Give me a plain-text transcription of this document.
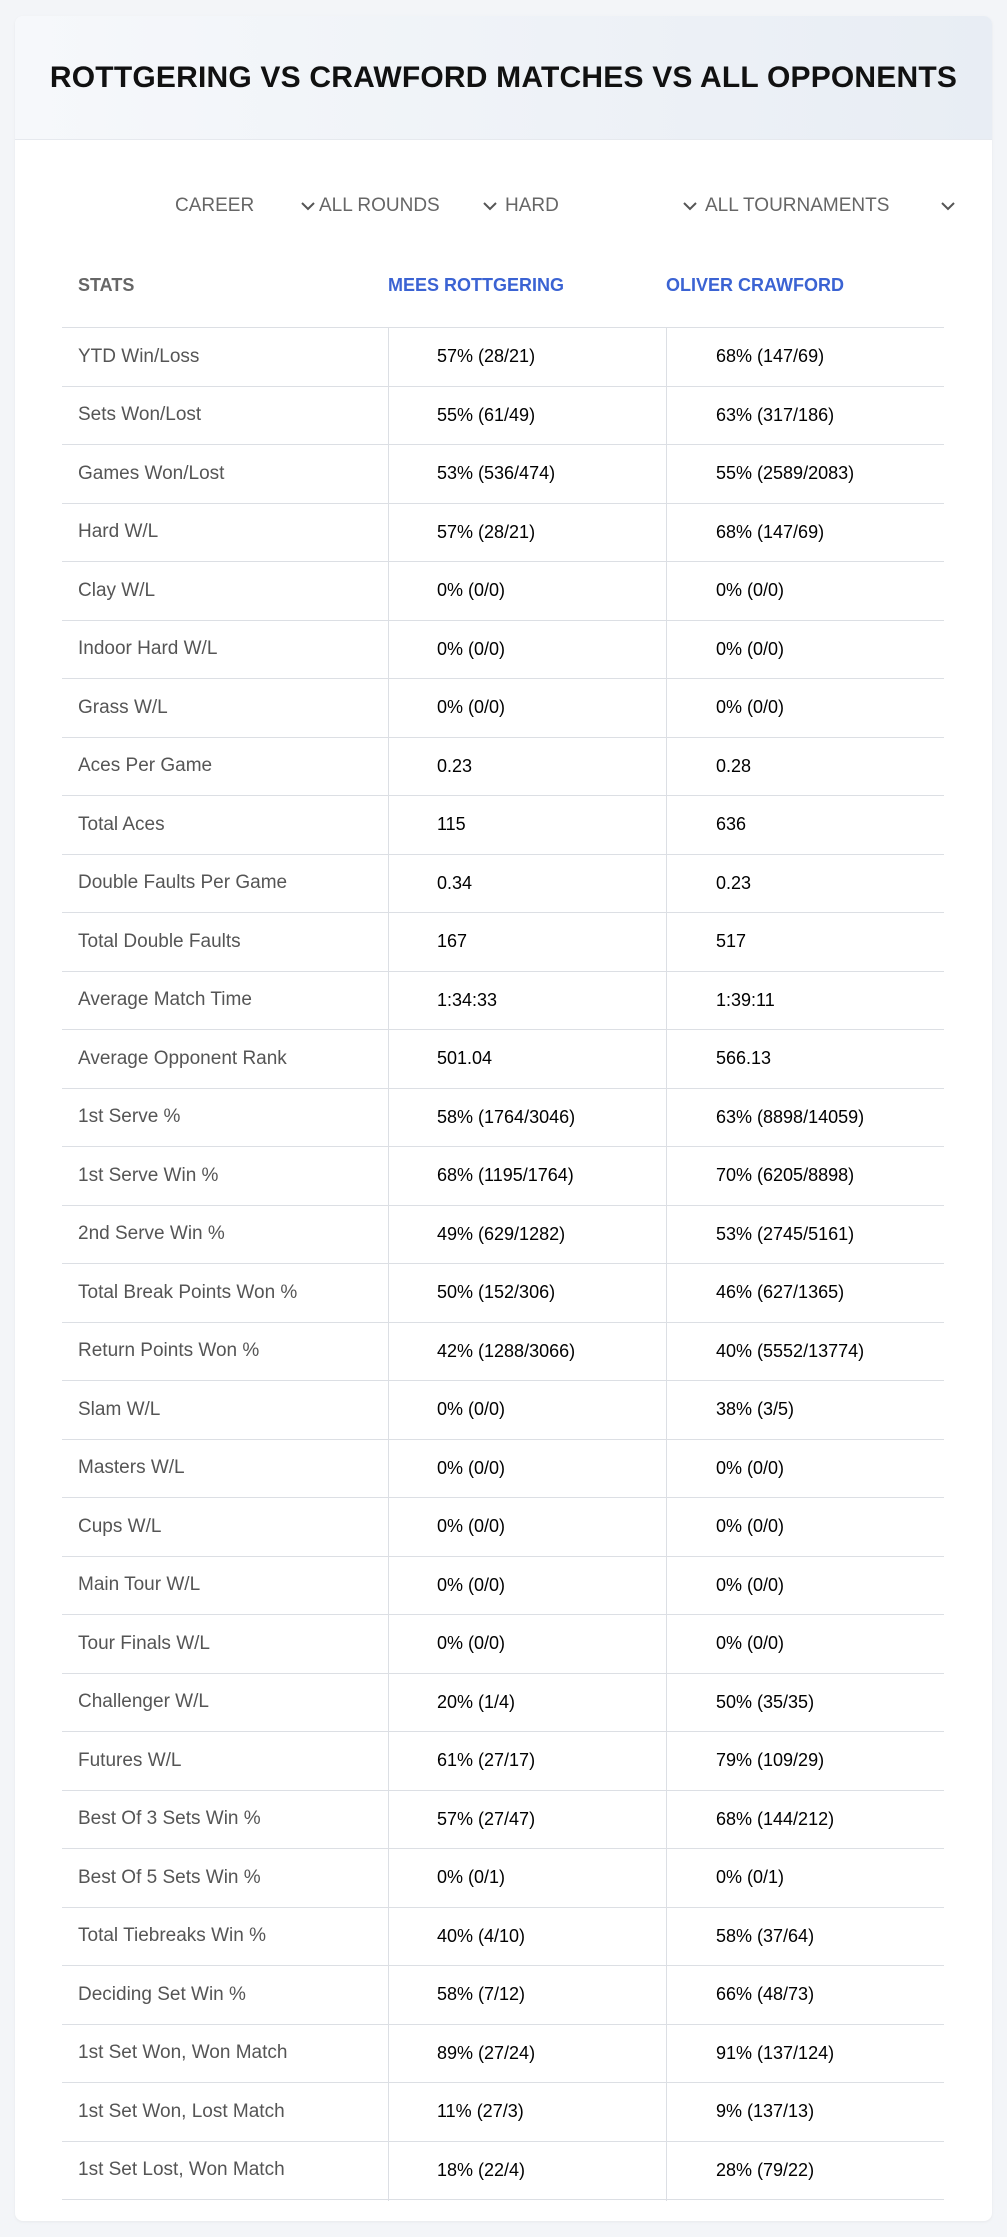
ROTTGERING VS CRAWFORD MATCHES VS ALL OPPONENTS
CAREER	ALL ROUNDS	HARD	ALL TOURNAMENTS
STATS	MEES ROTTGERING	OLIVER CRAWFORD
YTD Win/Loss	57% (28/21)	68% (147/69)
Sets Won/Lost	55% (61/49)	63% (317/186)
Games Won/Lost	53% (536/474)	55% (2589/2083)
Hard W/L	57% (28/21)	68% (147/69)
Clay W/L	0% (0/0)	0% (0/0)
Indoor Hard W/L	0% (0/0)	0% (0/0)
Grass W/L	0% (0/0)	0% (0/0)
Aces Per Game	0.23	0.28
Total Aces	115	636
Double Faults Per Game	0.34	0.23
Total Double Faults	167	517
Average Match Time	1:34:33	1:39:11
Average Opponent Rank	501.04	566.13
1st Serve %	58% (1764/3046)	63% (8898/14059)
1st Serve Win %	68% (1195/1764)	70% (6205/8898)
2nd Serve Win %	49% (629/1282)	53% (2745/5161)
Total Break Points Won %	50% (152/306)	46% (627/1365)
Return Points Won %	42% (1288/3066)	40% (5552/13774)
Slam W/L	0% (0/0)	38% (3/5)
Masters W/L	0% (0/0)	0% (0/0)
Cups W/L	0% (0/0)	0% (0/0)
Main Tour W/L	0% (0/0)	0% (0/0)
Tour Finals W/L	0% (0/0)	0% (0/0)
Challenger W/L	20% (1/4)	50% (35/35)
Futures W/L	61% (27/17)	79% (109/29)
Best Of 3 Sets Win %	57% (27/47)	68% (144/212)
Best Of 5 Sets Win %	0% (0/1)	0% (0/1)
Total Tiebreaks Win %	40% (4/10)	58% (37/64)
Deciding Set Win %	58% (7/12)	66% (48/73)
1st Set Won, Won Match	89% (27/24)	91% (137/124)
1st Set Won, Lost Match	11% (27/3)	9% (137/13)
1st Set Lost, Won Match	18% (22/4)	28% (79/22)
